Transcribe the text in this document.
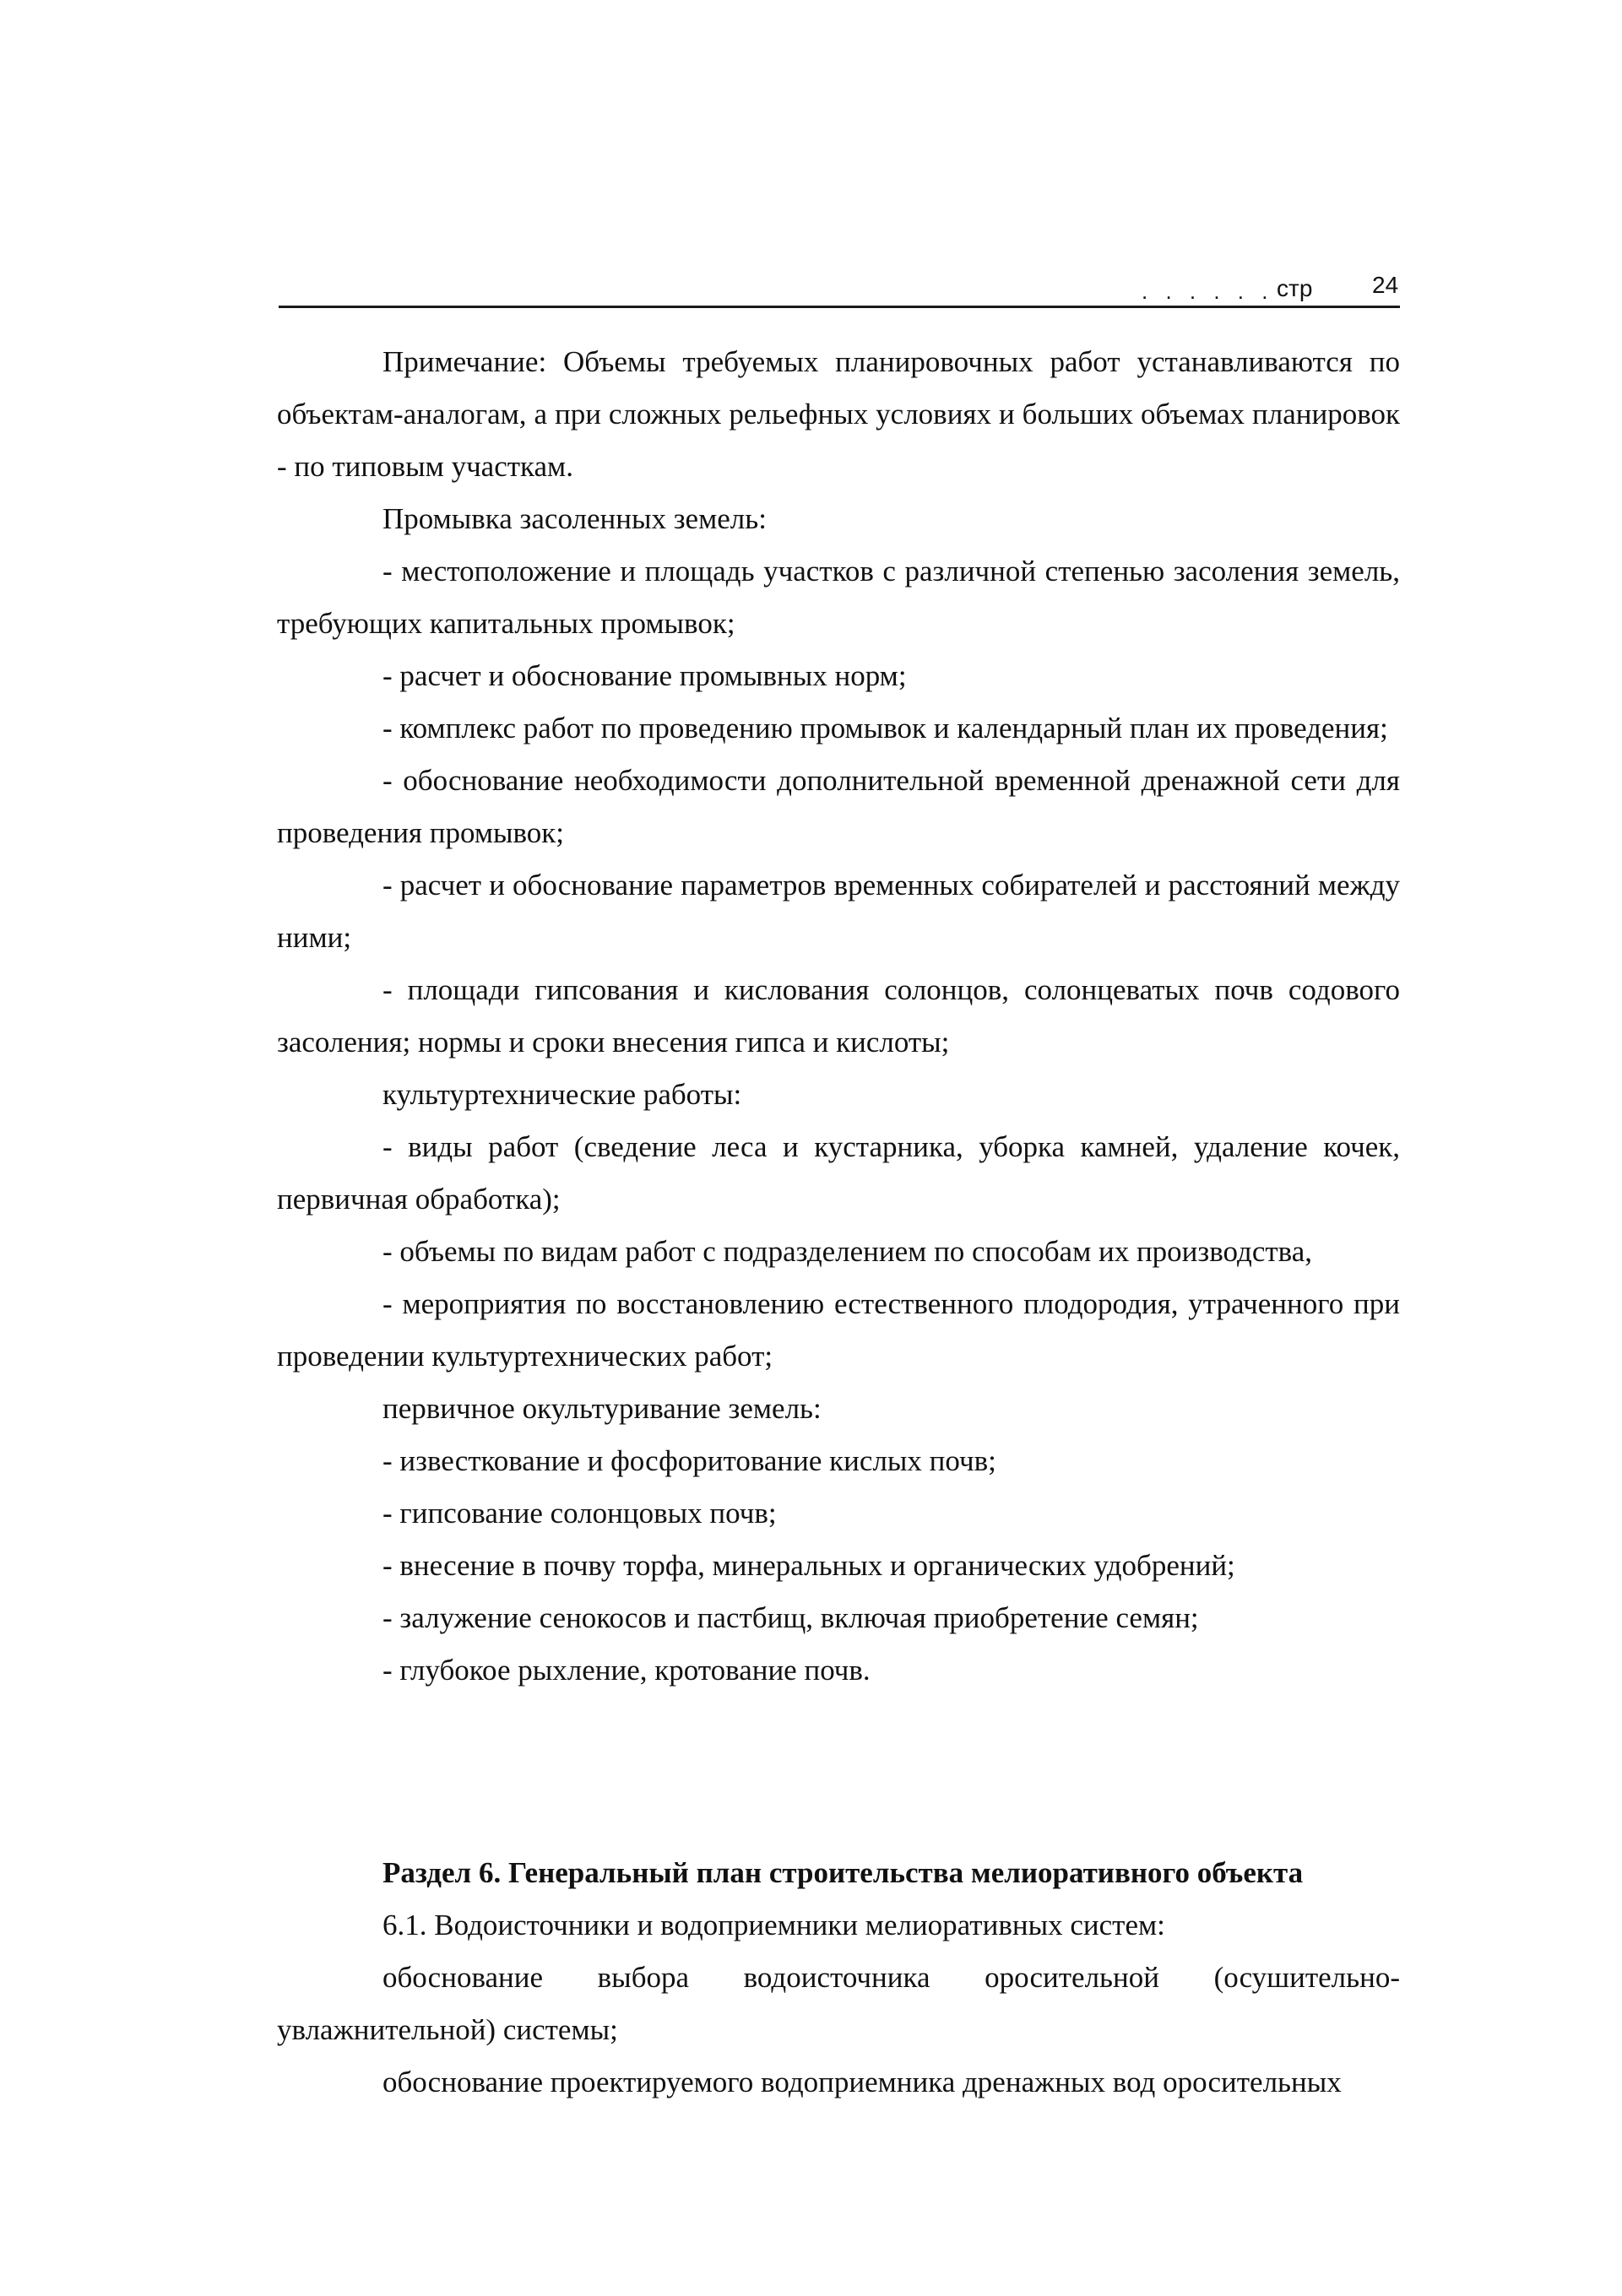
. . . . . . стр	24

Примечание: Объемы требуемых планировочных работ устанавливаются по объектам-аналогам, а при сложных рельефных условиях и больших объемах планировок - по типовым участкам.

Промывка засоленных земель:

- местоположение и площадь участков с различной степенью засоления земель, требующих капитальных промывок;

- расчет и обоснование промывных норм;

- комплекс работ по проведению промывок и календарный план их проведения;

- обоснование необходимости дополнительной временной дренажной сети для проведения промывок;

- расчет и обоснование параметров временных собирателей и расстояний между ними;

- площади гипсования и кислования солонцов, солонцеватых почв содового засоления; нормы и сроки внесения гипса и кислоты;

культуртехнические работы:

- виды работ (сведение леса и кустарника, уборка камней, удаление кочек, первичная обработка);

- объемы по видам работ с подразделением по способам их производства,

- мероприятия по восстановлению естественного плодородия, утраченного при проведении культуртехнических работ;

первичное окультуривание земель:

- известкование и фосфоритование кислых почв;

- гипсование солонцовых почв;

- внесение в почву торфа, минеральных и органических удобрений;

- залужение сенокосов и пастбищ, включая приобретение семян;

- глубокое рыхление, кротование почв.

Раздел 6. Генеральный план строительства мелиоративного объекта

6.1. Водоисточники и водоприемники мелиоративных систем:

обоснование выбора водоисточника оросительной (осушительно-увлажнительной) системы;

обоснование проектируемого водоприемника дренажных вод оросительных
